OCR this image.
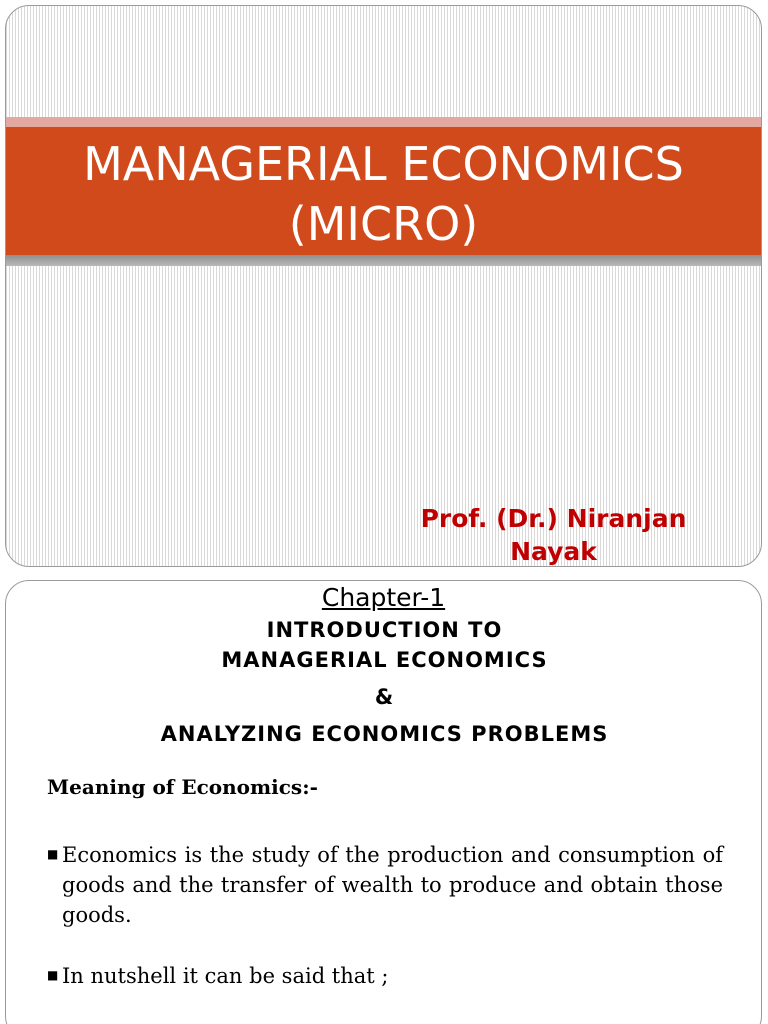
MANAGERIAL ECONOMICS
(MICRO)
Prof. (Dr.) Niranjan
Nayak
Chapter-1
INTRODUCTION TO
MANAGERIAL ECONOMICS
&
ANALYZING ECONOMICS PROBLEMS
Meaning of Economics:-
■ Economics is the study of the production and consumption of goods and the transfer of wealth to produce and obtain those goods.
■ In nutshell it can be said that ;
